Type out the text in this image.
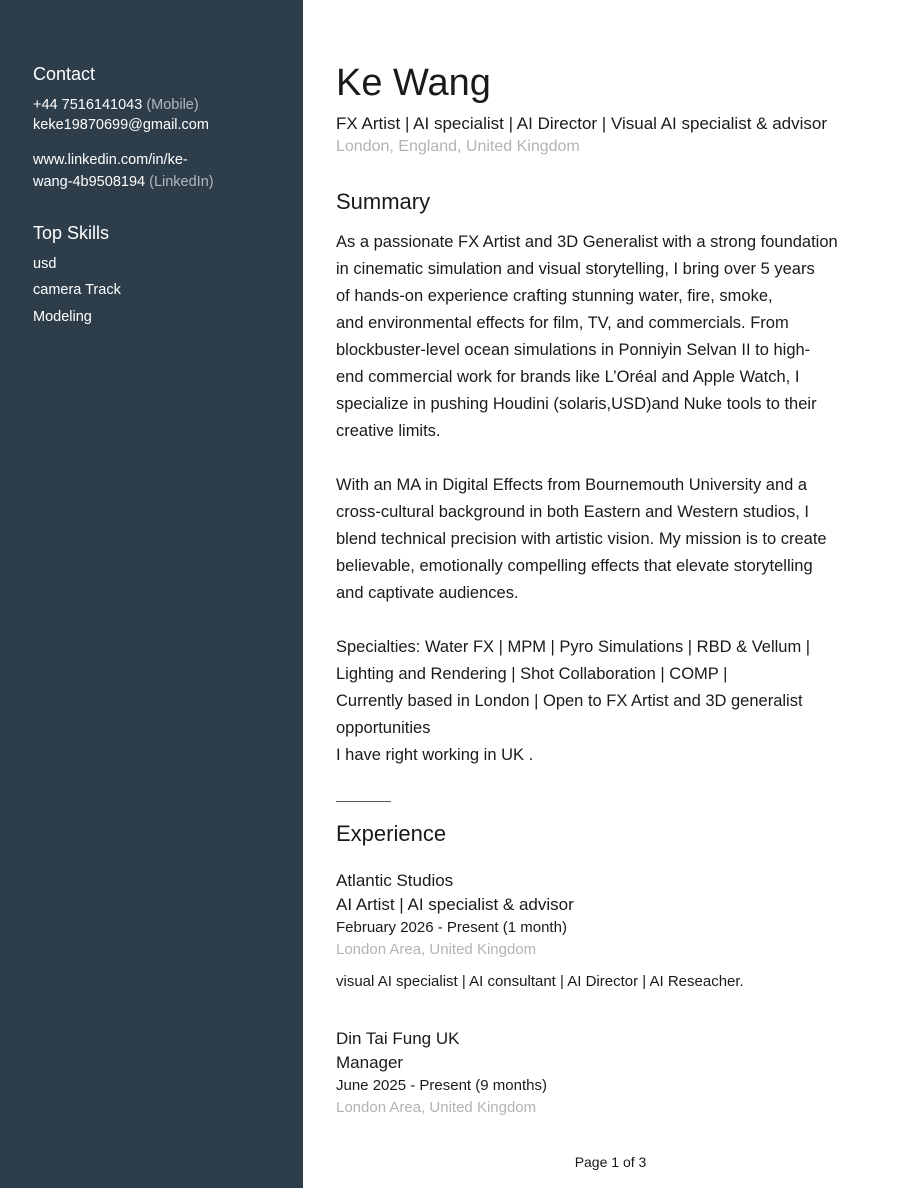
Contact
+44 7516141043 (Mobile)
keke19870699@gmail.com
www.linkedin.com/in/ke-
wang-4b9508194 (LinkedIn)
Top Skills
usd
camera Track
Modeling
Ke Wang
FX Artist | AI specialist | AI Director | Visual AI specialist & advisor
London, England, United Kingdom
Summary
As a passionate FX Artist and 3D Generalist with a strong foundation
in cinematic simulation and visual storytelling, I bring over 5 years
of hands-on experience crafting stunning water, fire, smoke,
and environmental effects for film, TV, and commercials. From
blockbuster-level ocean simulations in Ponniyin Selvan II to high-
end commercial work for brands like L’Oréal and Apple Watch, I
specialize in pushing Houdini (solaris,USD)and Nuke tools to their
creative limits.
With an MA in Digital Effects from Bournemouth University and a
cross-cultural background in both Eastern and Western studios, I
blend technical precision with artistic vision. My mission is to create
believable, emotionally compelling effects that elevate storytelling
and captivate audiences.
Specialties: Water FX | MPM | Pyro Simulations | RBD & Vellum |
Lighting and Rendering | Shot Collaboration | COMP |
Currently based in London | Open to FX Artist and 3D generalist
opportunities
I have right working in UK .
Experience
Atlantic Studios
AI Artist | AI specialist & advisor
February 2026 - Present (1 month)
London Area, United Kingdom
visual AI specialist | AI consultant | AI Director | AI Reseacher.
Din Tai Fung UK
Manager
June 2025 - Present (9 months)
London Area, United Kingdom
Page 1 of 3
